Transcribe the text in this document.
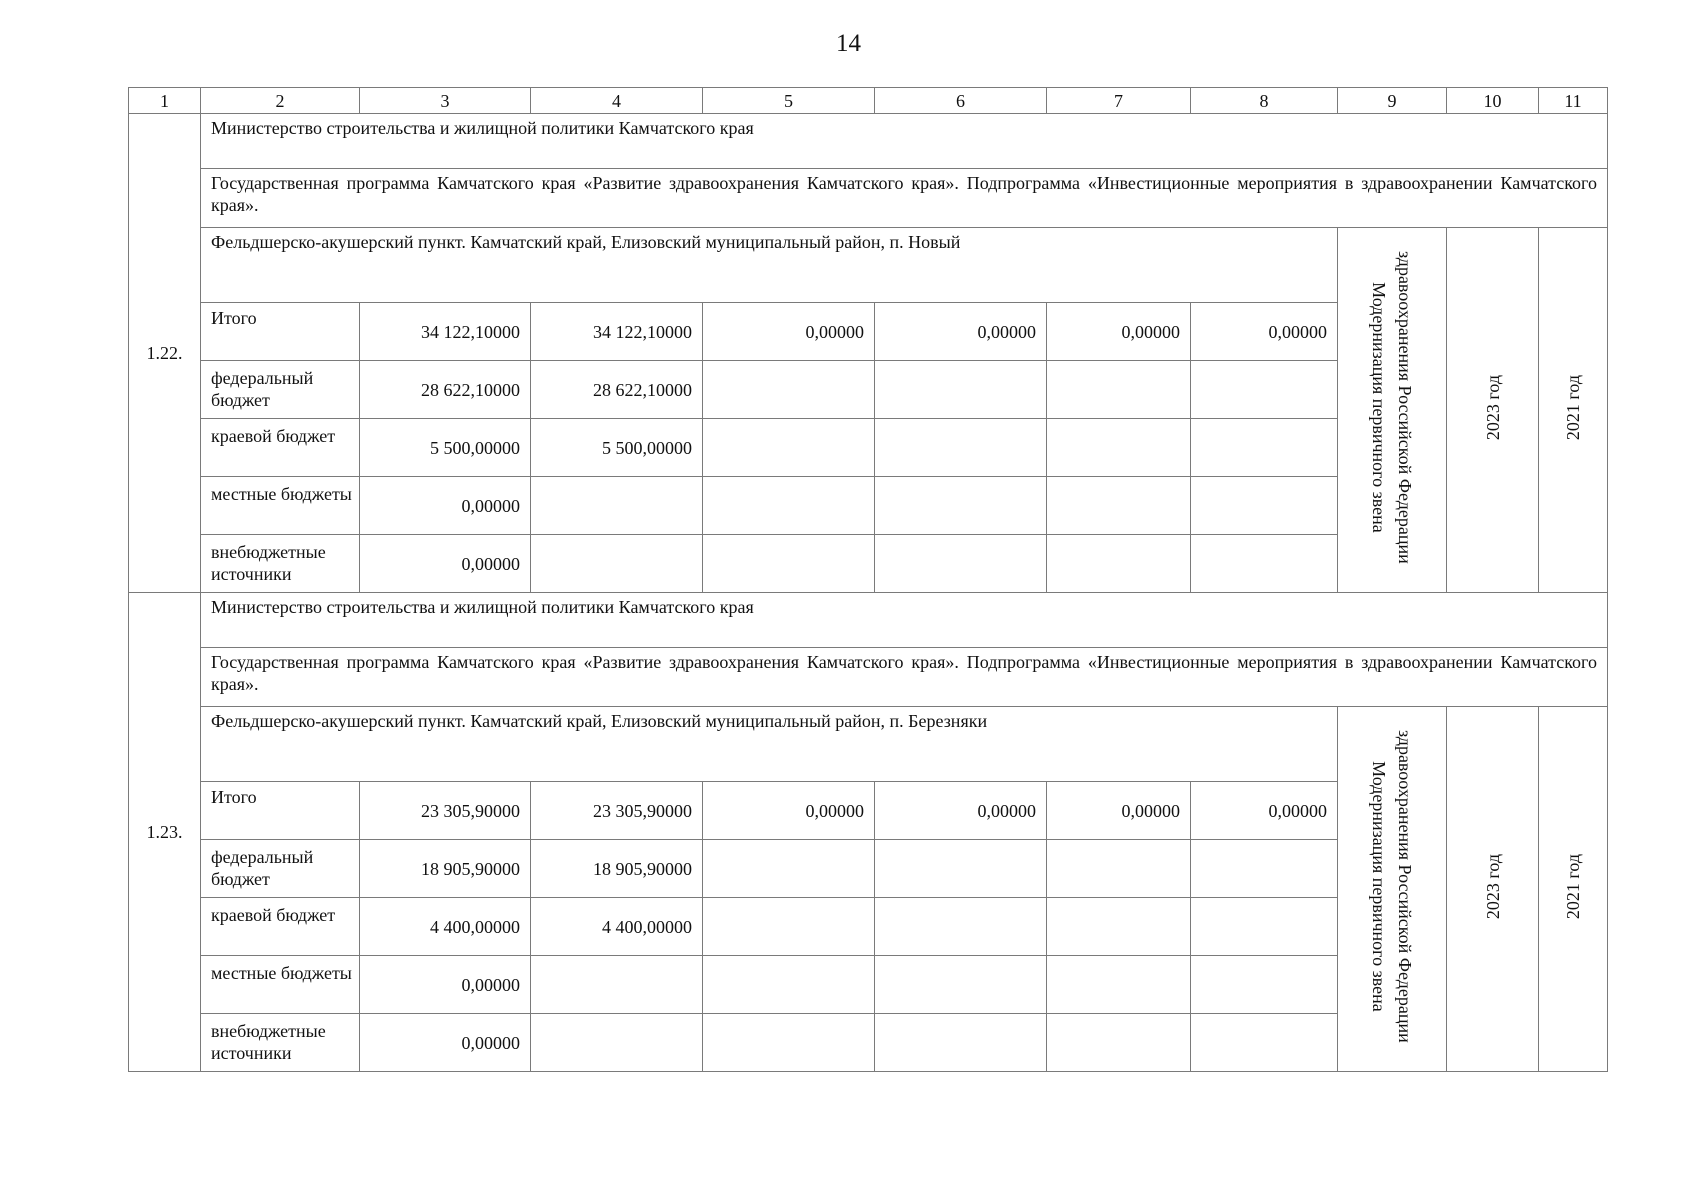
14
1	2	3	4	5	6	7	8	9	10	11
1.22.	Министерство строительства и жилищной политики Камчатского края									
	Государственная программа Камчатского края «Развитие здравоохранения Камчатского края». Подпрограмма «Инвестиционные мероприятия в здравоохранении Камчатского края».									
	Фельдшерско-акушерский пункт. Камчатский край, Елизовский муниципальный район, п. Новый							Модернизация первичного звена здравоохранения Российской Федерации	2023 год	2021 год
	Итого	34 122,10000	34 122,10000	0,00000	0,00000	0,00000	0,00000			
	федеральный бюджет	28 622,10000	28 622,10000							
	краевой бюджет	5 500,00000	5 500,00000							
	местные бюджеты	0,00000								
	внебюджетные источники	0,00000								
1.23.	Министерство строительства и жилищной политики Камчатского края									
	Государственная программа Камчатского края «Развитие здравоохранения Камчатского края». Подпрограмма «Инвестиционные мероприятия в здравоохранении Камчатского края».									
	Фельдшерско-акушерский пункт. Камчатский край, Елизовский муниципальный район, п. Березняки							Модернизация первичного звена здравоохранения Российской Федерации	2023 год	2021 год
	Итого	23 305,90000	23 305,90000	0,00000	0,00000	0,00000	0,00000			
	федеральный бюджет	18 905,90000	18 905,90000							
	краевой бюджет	4 400,00000	4 400,00000							
	местные бюджеты	0,00000								
	внебюджетные источники	0,00000								
